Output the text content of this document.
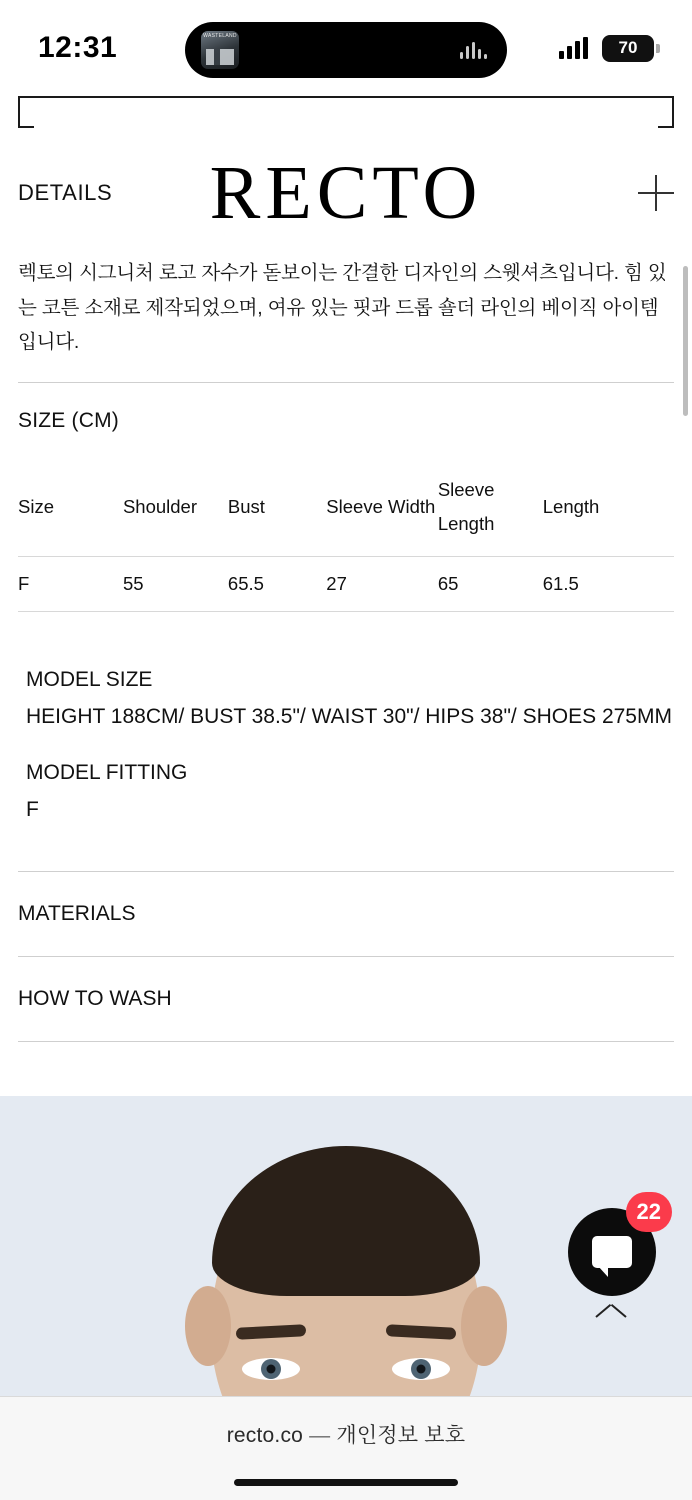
12:31	WASTELAND
70
DETAILS RECTO
렉토의 시그니처 로고 자수가 돋보이는 간결한 디자인의 스웻셔츠입니다. 힘 있는 코튼 소재로 제작되었으며, 여유 있는 핏과 드롭 숄더 라인의 베이직 아이템입니다.
SIZE (CM)
Size	Shoulder	Bust	Sleeve Width	Sleeve Length	Length
F	55	65.5	27	65	61.5
MODEL SIZE
HEIGHT 188CM/ BUST 38.5"/ WAIST 30"/ HIPS 38"/ SHOES 275MM
MODEL FITTING
F
MATERIALS
HOW TO WASH
22
recto.co — 개인정보 보호
